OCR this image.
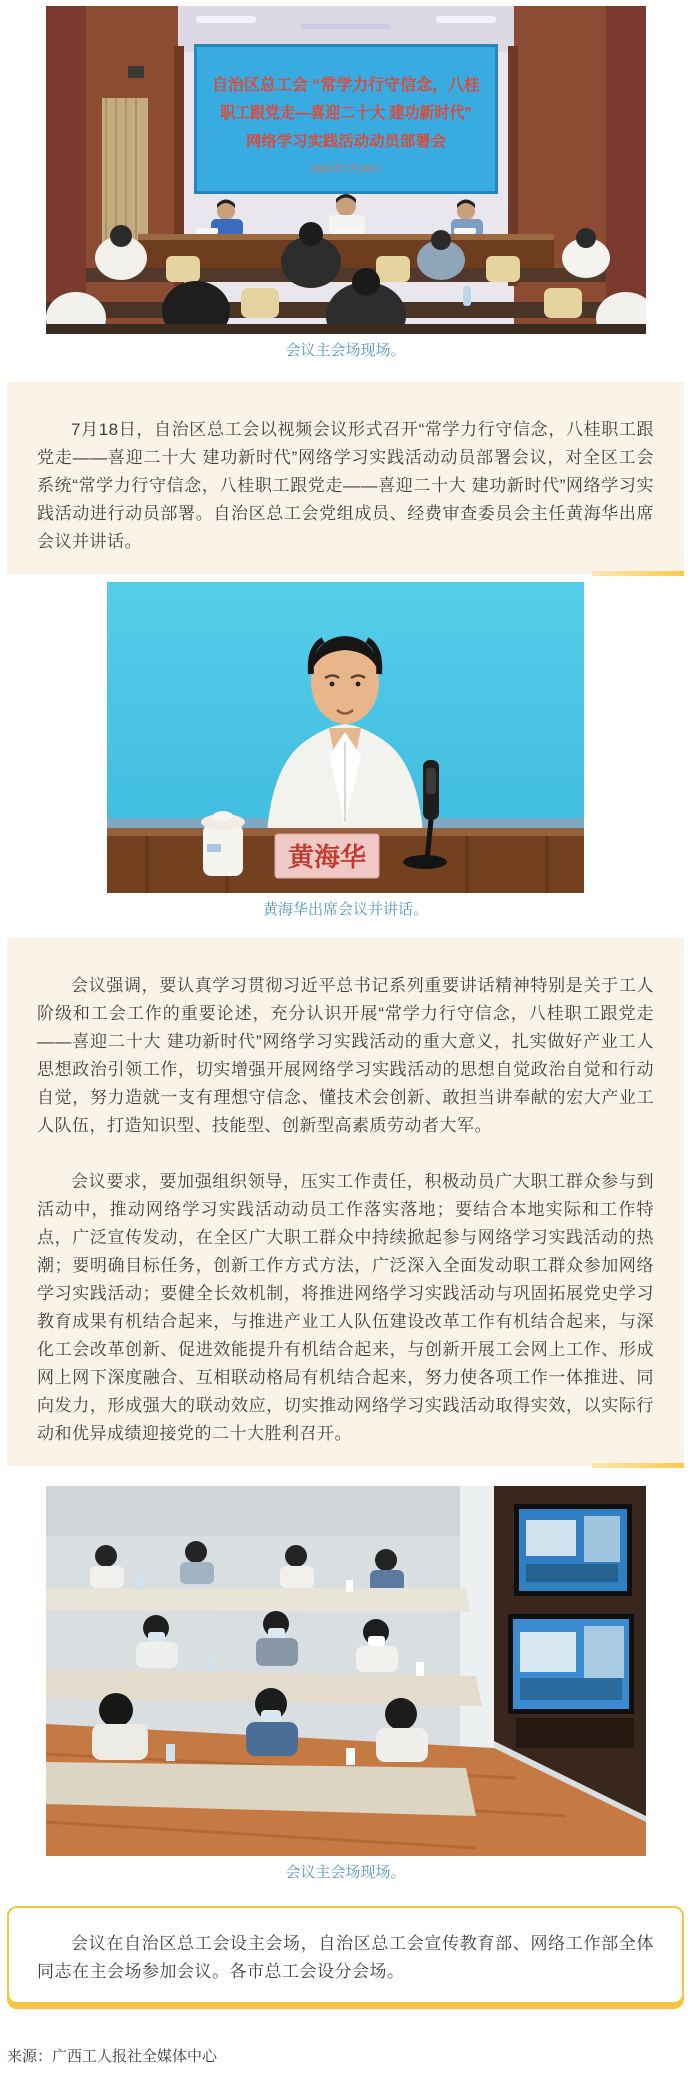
自治区总工会 “常学力行守信念，八桂
职工跟党走—喜迎二十大 建功新时代”
网络学习实践活动动员部署会
2022年7月18日
会议主会场现场。

7月18日，自治区总工会以视频会议形式召开“常学力行守信念，八桂职工跟党走——喜迎二十大 建功新时代”网络学习实践活动动员部署会议，对全区工会系统“常学力行守信念，八桂职工跟党走——喜迎二十大 建功新时代”网络学习实践活动进行动员部署。自治区总工会党组成员、经费审查委员会主任黄海华出席会议并讲话。

黄海华
黄海华出席会议并讲话。

会议强调，要认真学习贯彻习近平总书记系列重要讲话精神特别是关于工人阶级和工会工作的重要论述，充分认识开展“常学力行守信念，八桂职工跟党走——喜迎二十大 建功新时代”网络学习实践活动的重大意义，扎实做好产业工人思想政治引领工作，切实增强开展网络学习实践活动的思想自觉政治自觉和行动自觉，努力造就一支有理想守信念、懂技术会创新、敢担当讲奉献的宏大产业工人队伍，打造知识型、技能型、创新型高素质劳动者大军。

会议要求，要加强组织领导，压实工作责任，积极动员广大职工群众参与到活动中，推动网络学习实践活动动员工作落实落地；要结合本地实际和工作特点，广泛宣传发动，在全区广大职工群众中持续掀起参与网络学习实践活动的热潮；要明确目标任务，创新工作方式方法，广泛深入全面发动职工群众参加网络学习实践活动；要健全长效机制，将推进网络学习实践活动与巩固拓展党史学习教育成果有机结合起来，与推进产业工人队伍建设改革工作有机结合起来，与深化工会改革创新、促进效能提升有机结合起来，与创新开展工会网上工作、形成网上网下深度融合、互相联动格局有机结合起来，努力使各项工作一体推进、同向发力，形成强大的联动效应，切实推动网络学习实践活动取得实效，以实际行动和优异成绩迎接党的二十大胜利召开。

会议主会场现场。

会议在自治区总工会设主会场，自治区总工会宣传教育部、网络工作部全体同志在主会场参加会议。各市总工会设分会场。

来源：广西工人报社全媒体中心
